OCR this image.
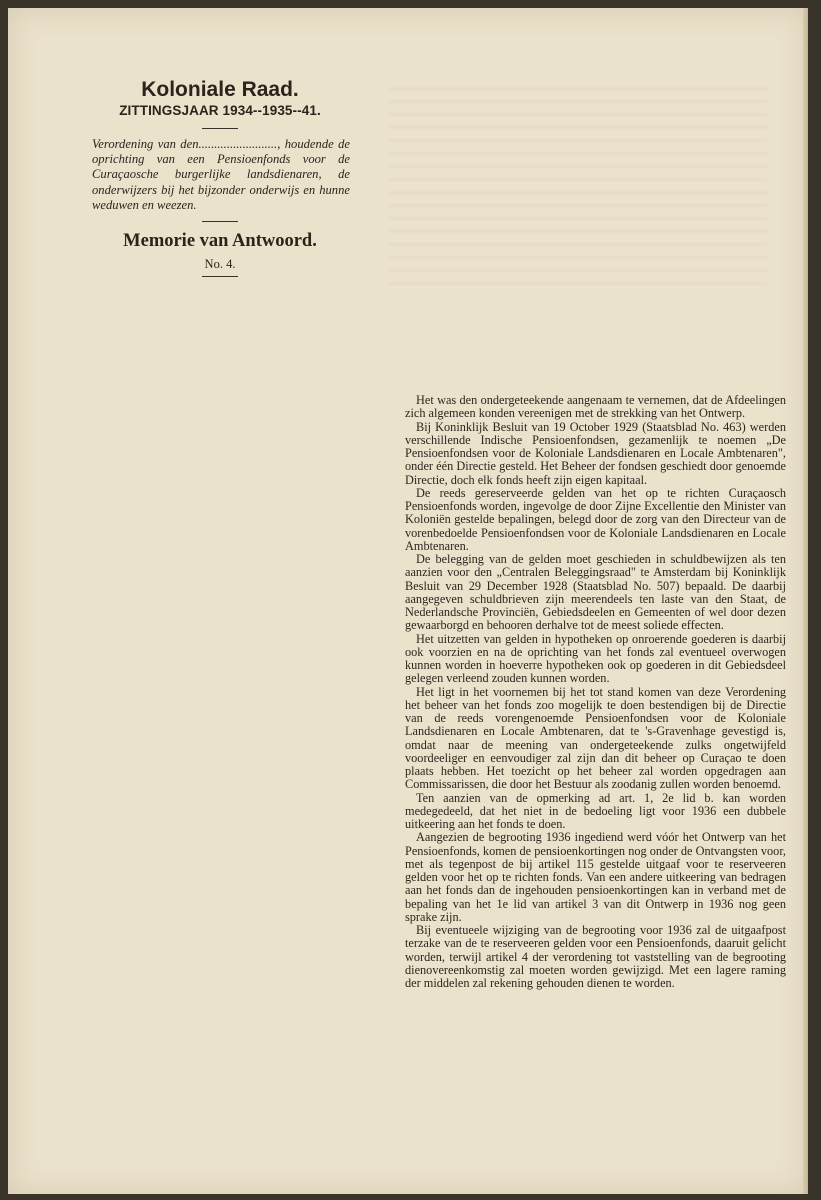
Koloniale Raad.
ZITTINGSJAAR 1934--1935--41.

Verordening van den........................., houdende de oprichting van een Pensioenfonds voor de Curaçaosche burgerlijke landsdienaren, de onderwijzers bij het bijzonder onderwijs en hunne weduwen en weezen.

Memorie van Antwoord.
No. 4.

Het was den ondergeteekende aangenaam te vernemen, dat de Afdeelingen zich algemeen konden vereenigen met de strekking van het Ontwerp.

Bij Koninklijk Besluit van 19 October 1929 (Staatsblad No. 463) werden verschillende Indische Pensioenfondsen, gezamenlijk te noemen „De Pensioenfondsen voor de Koloniale Landsdienaren en Locale Ambtenaren", onder één Directie gesteld. Het Beheer der fondsen geschiedt door genoemde Directie, doch elk fonds heeft zijn eigen kapitaal.

De reeds gereserveerde gelden van het op te richten Curaçaosch Pensioenfonds worden, ingevolge de door Zijne Excellentie den Minister van Koloniën gestelde bepalingen, belegd door de zorg van den Directeur van de vorenbedoelde Pensioenfondsen voor de Koloniale Landsdienaren en Locale Ambtenaren.

De belegging van de gelden moet geschieden in schuldbewijzen als ten aanzien voor den „Centralen Beleggingsraad" te Amsterdam bij Koninklijk Besluit van 29 December 1928 (Staatsblad No. 507) bepaald. De daarbij aangegeven schuldbrieven zijn meerendeels ten laste van den Staat, de Nederlandsche Provinciën, Gebiedsdeelen en Gemeenten of wel door dezen gewaarborgd en behooren derhalve tot de meest soliede effecten.

Het uitzetten van gelden in hypotheken op onroerende goederen is daarbij ook voorzien en na de oprichting van het fonds zal eventueel overwogen kunnen worden in hoeverre hypotheken ook op goederen in dit Gebiedsdeel gelegen verleend zouden kunnen worden.

Het ligt in het voornemen bij het tot stand komen van deze Verordening het beheer van het fonds zoo mogelijk te doen bestendigen bij de Directie van de reeds vorengenoemde Pensioenfondsen voor de Koloniale Landsdienaren en Locale Ambtenaren, dat te 's-Gravenhage gevestigd is, omdat naar de meening van ondergeteekende zulks ongetwijfeld voordeeliger en eenvoudiger zal zijn dan dit beheer op Curaçao te doen plaats hebben. Het toezicht op het beheer zal worden opgedragen aan Commissarissen, die door het Bestuur als zoodanig zullen worden benoemd.

Ten aanzien van de opmerking ad art. 1, 2e lid b. kan worden medegedeeld, dat het niet in de bedoeling ligt voor 1936 een dubbele uitkeering aan het fonds te doen.

Aangezien de begrooting 1936 ingediend werd vóór het Ontwerp van het Pensioenfonds, komen de pensioenkortingen nog onder de Ontvangsten voor, met als tegenpost de bij artikel 115 gestelde uitgaaf voor te reserveeren gelden voor het op te richten fonds. Van een andere uitkeering van bedragen aan het fonds dan de ingehouden pensioenkortingen kan in verband met de bepaling van het 1e lid van artikel 3 van dit Ontwerp in 1936 nog geen sprake zijn.

Bij eventueele wijziging van de begrooting voor 1936 zal de uitgaafpost terzake van de te reserveeren gelden voor een Pensioenfonds, daaruit gelicht worden, terwijl artikel 4 der verordening tot vaststelling van de begrooting dienovereenkomstig zal moeten worden gewijzigd. Met een lagere raming der middelen zal rekening gehouden dienen te worden.
